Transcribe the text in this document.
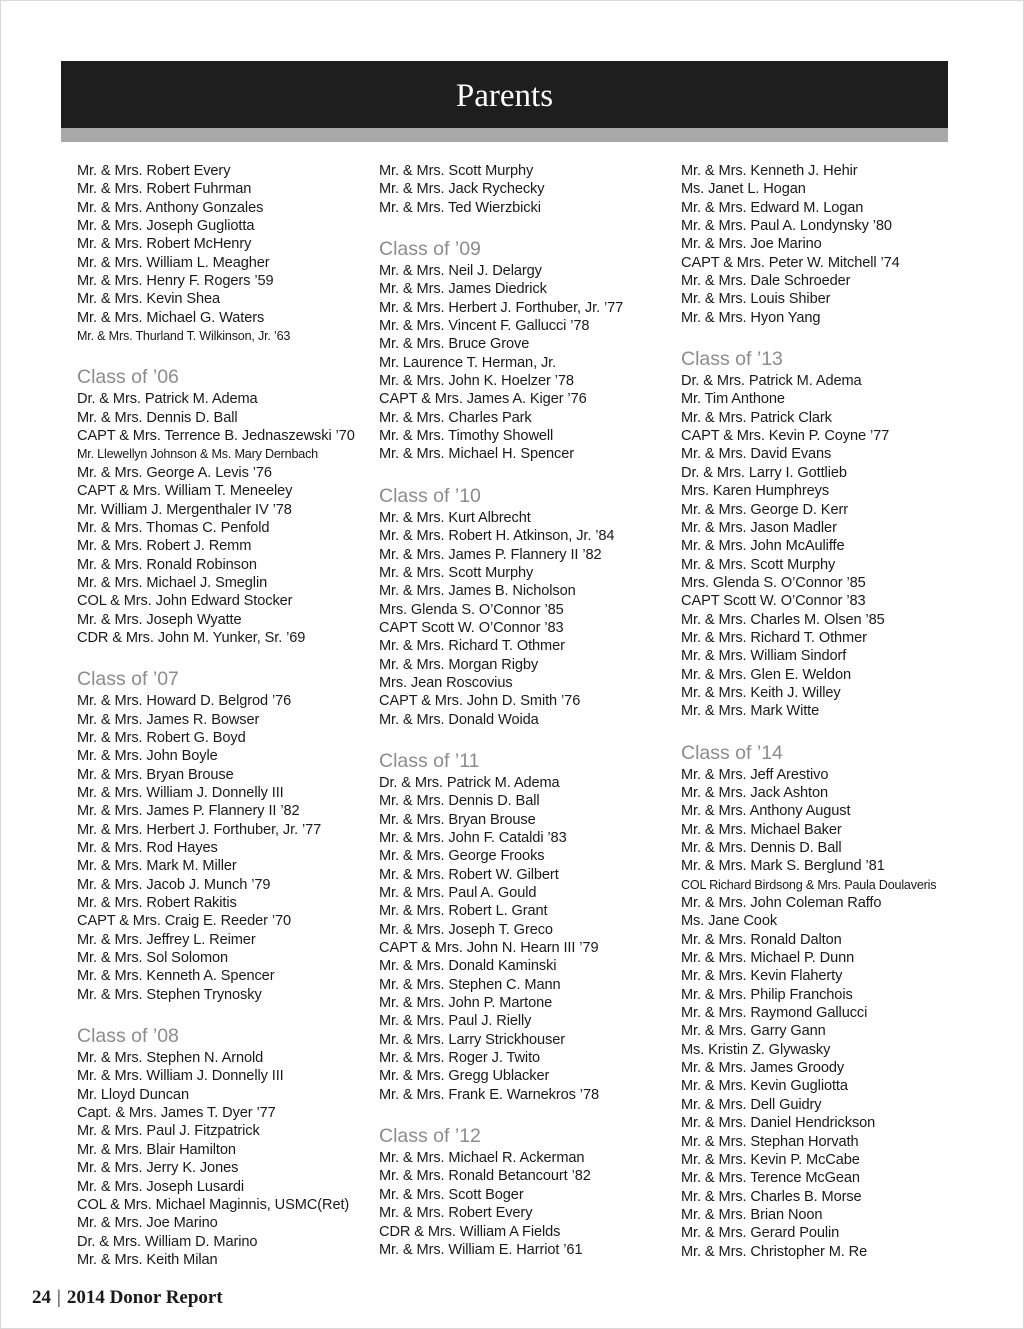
Parents
Mr. & Mrs. Robert Every
Mr. & Mrs. Robert Fuhrman
Mr. & Mrs. Anthony Gonzales
Mr. & Mrs. Joseph Gugliotta
Mr. & Mrs. Robert McHenry
Mr. & Mrs. William L. Meagher
Mr. & Mrs. Henry F. Rogers ’59
Mr. & Mrs. Kevin Shea
Mr. & Mrs. Michael G. Waters
Mr. & Mrs. Thurland T. Wilkinson, Jr. ’63
Class of ’06
Dr. & Mrs. Patrick M. Adema
Mr. & Mrs. Dennis D. Ball
CAPT & Mrs. Terrence B. Jednaszewski ’70
Mr. Llewellyn Johnson & Ms. Mary Dernbach
Mr. & Mrs. George A. Levis ’76
CAPT & Mrs. William T. Meneeley
Mr. William J. Mergenthaler IV ’78
Mr. & Mrs. Thomas C. Penfold
Mr. & Mrs. Robert J. Remm
Mr. & Mrs. Ronald Robinson
Mr. & Mrs. Michael J. Smeglin
COL & Mrs. John Edward Stocker
Mr. & Mrs. Joseph Wyatte
CDR & Mrs. John M. Yunker, Sr. ’69
Class of ’07
Mr. & Mrs. Howard D. Belgrod ’76
Mr. & Mrs. James R. Bowser
Mr. & Mrs. Robert G. Boyd
Mr. & Mrs. John Boyle
Mr. & Mrs. Bryan Brouse
Mr. & Mrs. William J. Donnelly III
Mr. & Mrs. James P. Flannery II ’82
Mr. & Mrs. Herbert J. Forthuber, Jr. ’77
Mr. & Mrs. Rod Hayes
Mr. & Mrs. Mark M. Miller
Mr. & Mrs. Jacob J. Munch ’79
Mr. & Mrs. Robert Rakitis
CAPT & Mrs. Craig E. Reeder ’70
Mr. & Mrs. Jeffrey L. Reimer
Mr. & Mrs. Sol Solomon
Mr. & Mrs. Kenneth A. Spencer
Mr. & Mrs. Stephen Trynosky
Class of ’08
Mr. & Mrs. Stephen N. Arnold
Mr. & Mrs. William J. Donnelly III
Mr. Lloyd Duncan
Capt. & Mrs. James T. Dyer ’77
Mr. & Mrs. Paul J. Fitzpatrick
Mr. & Mrs. Blair Hamilton
Mr. & Mrs. Jerry K. Jones
Mr. & Mrs. Joseph Lusardi
COL & Mrs. Michael Maginnis, USMC(Ret)
Mr. & Mrs. Joe Marino
Dr. & Mrs. William D. Marino
Mr. & Mrs. Keith Milan
Mr. & Mrs. Scott Murphy
Mr. & Mrs. Jack Rychecky
Mr. & Mrs. Ted Wierzbicki
Class of ’09
Mr. & Mrs. Neil J. Delargy
Mr. & Mrs. James Diedrick
Mr. & Mrs. Herbert J. Forthuber, Jr. ’77
Mr. & Mrs. Vincent F. Gallucci ’78
Mr. & Mrs. Bruce Grove
Mr. Laurence T. Herman, Jr.
Mr. & Mrs. John K. Hoelzer ’78
CAPT & Mrs. James A. Kiger ’76
Mr. & Mrs. Charles Park
Mr. & Mrs. Timothy Showell
Mr. & Mrs. Michael H. Spencer
Class of ’10
Mr. & Mrs. Kurt Albrecht
Mr. & Mrs. Robert H. Atkinson, Jr. ’84
Mr. & Mrs. James P. Flannery II ’82
Mr. & Mrs. Scott Murphy
Mr. & Mrs. James B. Nicholson
Mrs. Glenda S. O’Connor ’85
CAPT Scott W. O’Connor ’83
Mr. & Mrs. Richard T. Othmer
Mr. & Mrs. Morgan Rigby
Mrs. Jean Roscovius
CAPT & Mrs. John D. Smith ’76
Mr. & Mrs. Donald Woida
Class of ’11
Dr. & Mrs. Patrick M. Adema
Mr. & Mrs. Dennis D. Ball
Mr. & Mrs. Bryan Brouse
Mr. & Mrs. John F. Cataldi ’83
Mr. & Mrs. George Frooks
Mr. & Mrs. Robert W. Gilbert
Mr. & Mrs. Paul A. Gould
Mr. & Mrs. Robert L. Grant
Mr. & Mrs. Joseph T. Greco
CAPT & Mrs. John N. Hearn III ’79
Mr. & Mrs. Donald Kaminski
Mr. & Mrs. Stephen C. Mann
Mr. & Mrs. John P. Martone
Mr. & Mrs. Paul J. Rielly
Mr. & Mrs. Larry Strickhouser
Mr. & Mrs. Roger J. Twito
Mr. & Mrs. Gregg Ublacker
Mr. & Mrs. Frank E. Warnekros ’78
Class of ’12
Mr. & Mrs. Michael R. Ackerman
Mr. & Mrs. Ronald Betancourt ’82
Mr. & Mrs. Scott Boger
Mr. & Mrs. Robert Every
CDR & Mrs. William A Fields
Mr. & Mrs. William E. Harriot ’61
Mr. & Mrs. Kenneth J. Hehir
Ms. Janet L. Hogan
Mr. & Mrs. Edward M. Logan
Mr. & Mrs. Paul A. Londynsky ’80
Mr. & Mrs. Joe Marino
CAPT & Mrs. Peter W. Mitchell ’74
Mr. & Mrs. Dale Schroeder
Mr. & Mrs. Louis Shiber
Mr. & Mrs. Hyon Yang
Class of ’13
Dr. & Mrs. Patrick M. Adema
Mr. Tim Anthone
Mr. & Mrs. Patrick Clark
CAPT & Mrs. Kevin P. Coyne ’77
Mr. & Mrs. David Evans
Dr. & Mrs. Larry I. Gottlieb
Mrs. Karen Humphreys
Mr. & Mrs. George D. Kerr
Mr. & Mrs. Jason Madler
Mr. & Mrs. John McAuliffe
Mr. & Mrs. Scott Murphy
Mrs. Glenda S. O’Connor ’85
CAPT Scott W. O’Connor ’83
Mr. & Mrs. Charles M. Olsen ’85
Mr. & Mrs. Richard T. Othmer
Mr. & Mrs. William Sindorf
Mr. & Mrs. Glen E. Weldon
Mr. & Mrs. Keith J. Willey
Mr. & Mrs. Mark Witte
Class of ’14
Mr. & Mrs. Jeff Arestivo
Mr. & Mrs. Jack Ashton
Mr. & Mrs. Anthony August
Mr. & Mrs. Michael Baker
Mr. & Mrs. Dennis D. Ball
Mr. & Mrs. Mark S. Berglund ’81
COL Richard Birdsong & Mrs. Paula Doulaveris
Mr. & Mrs. John Coleman Raffo
Ms. Jane Cook
Mr. & Mrs. Ronald Dalton
Mr. & Mrs. Michael P. Dunn
Mr. & Mrs. Kevin Flaherty
Mr. & Mrs. Philip Franchois
Mr. & Mrs. Raymond Gallucci
Mr. & Mrs. Garry Gann
Ms. Kristin Z. Glywasky
Mr. & Mrs. James Groody
Mr. & Mrs. Kevin Gugliotta
Mr. & Mrs. Dell Guidry
Mr. & Mrs. Daniel Hendrickson
Mr. & Mrs. Stephan Horvath
Mr. & Mrs. Kevin P. McCabe
Mr. & Mrs. Terence McGean
Mr. & Mrs. Charles B. Morse
Mr. & Mrs. Brian Noon
Mr. & Mrs. Gerard Poulin
Mr. & Mrs. Christopher M. Re
24 | 2014 Donor Report
